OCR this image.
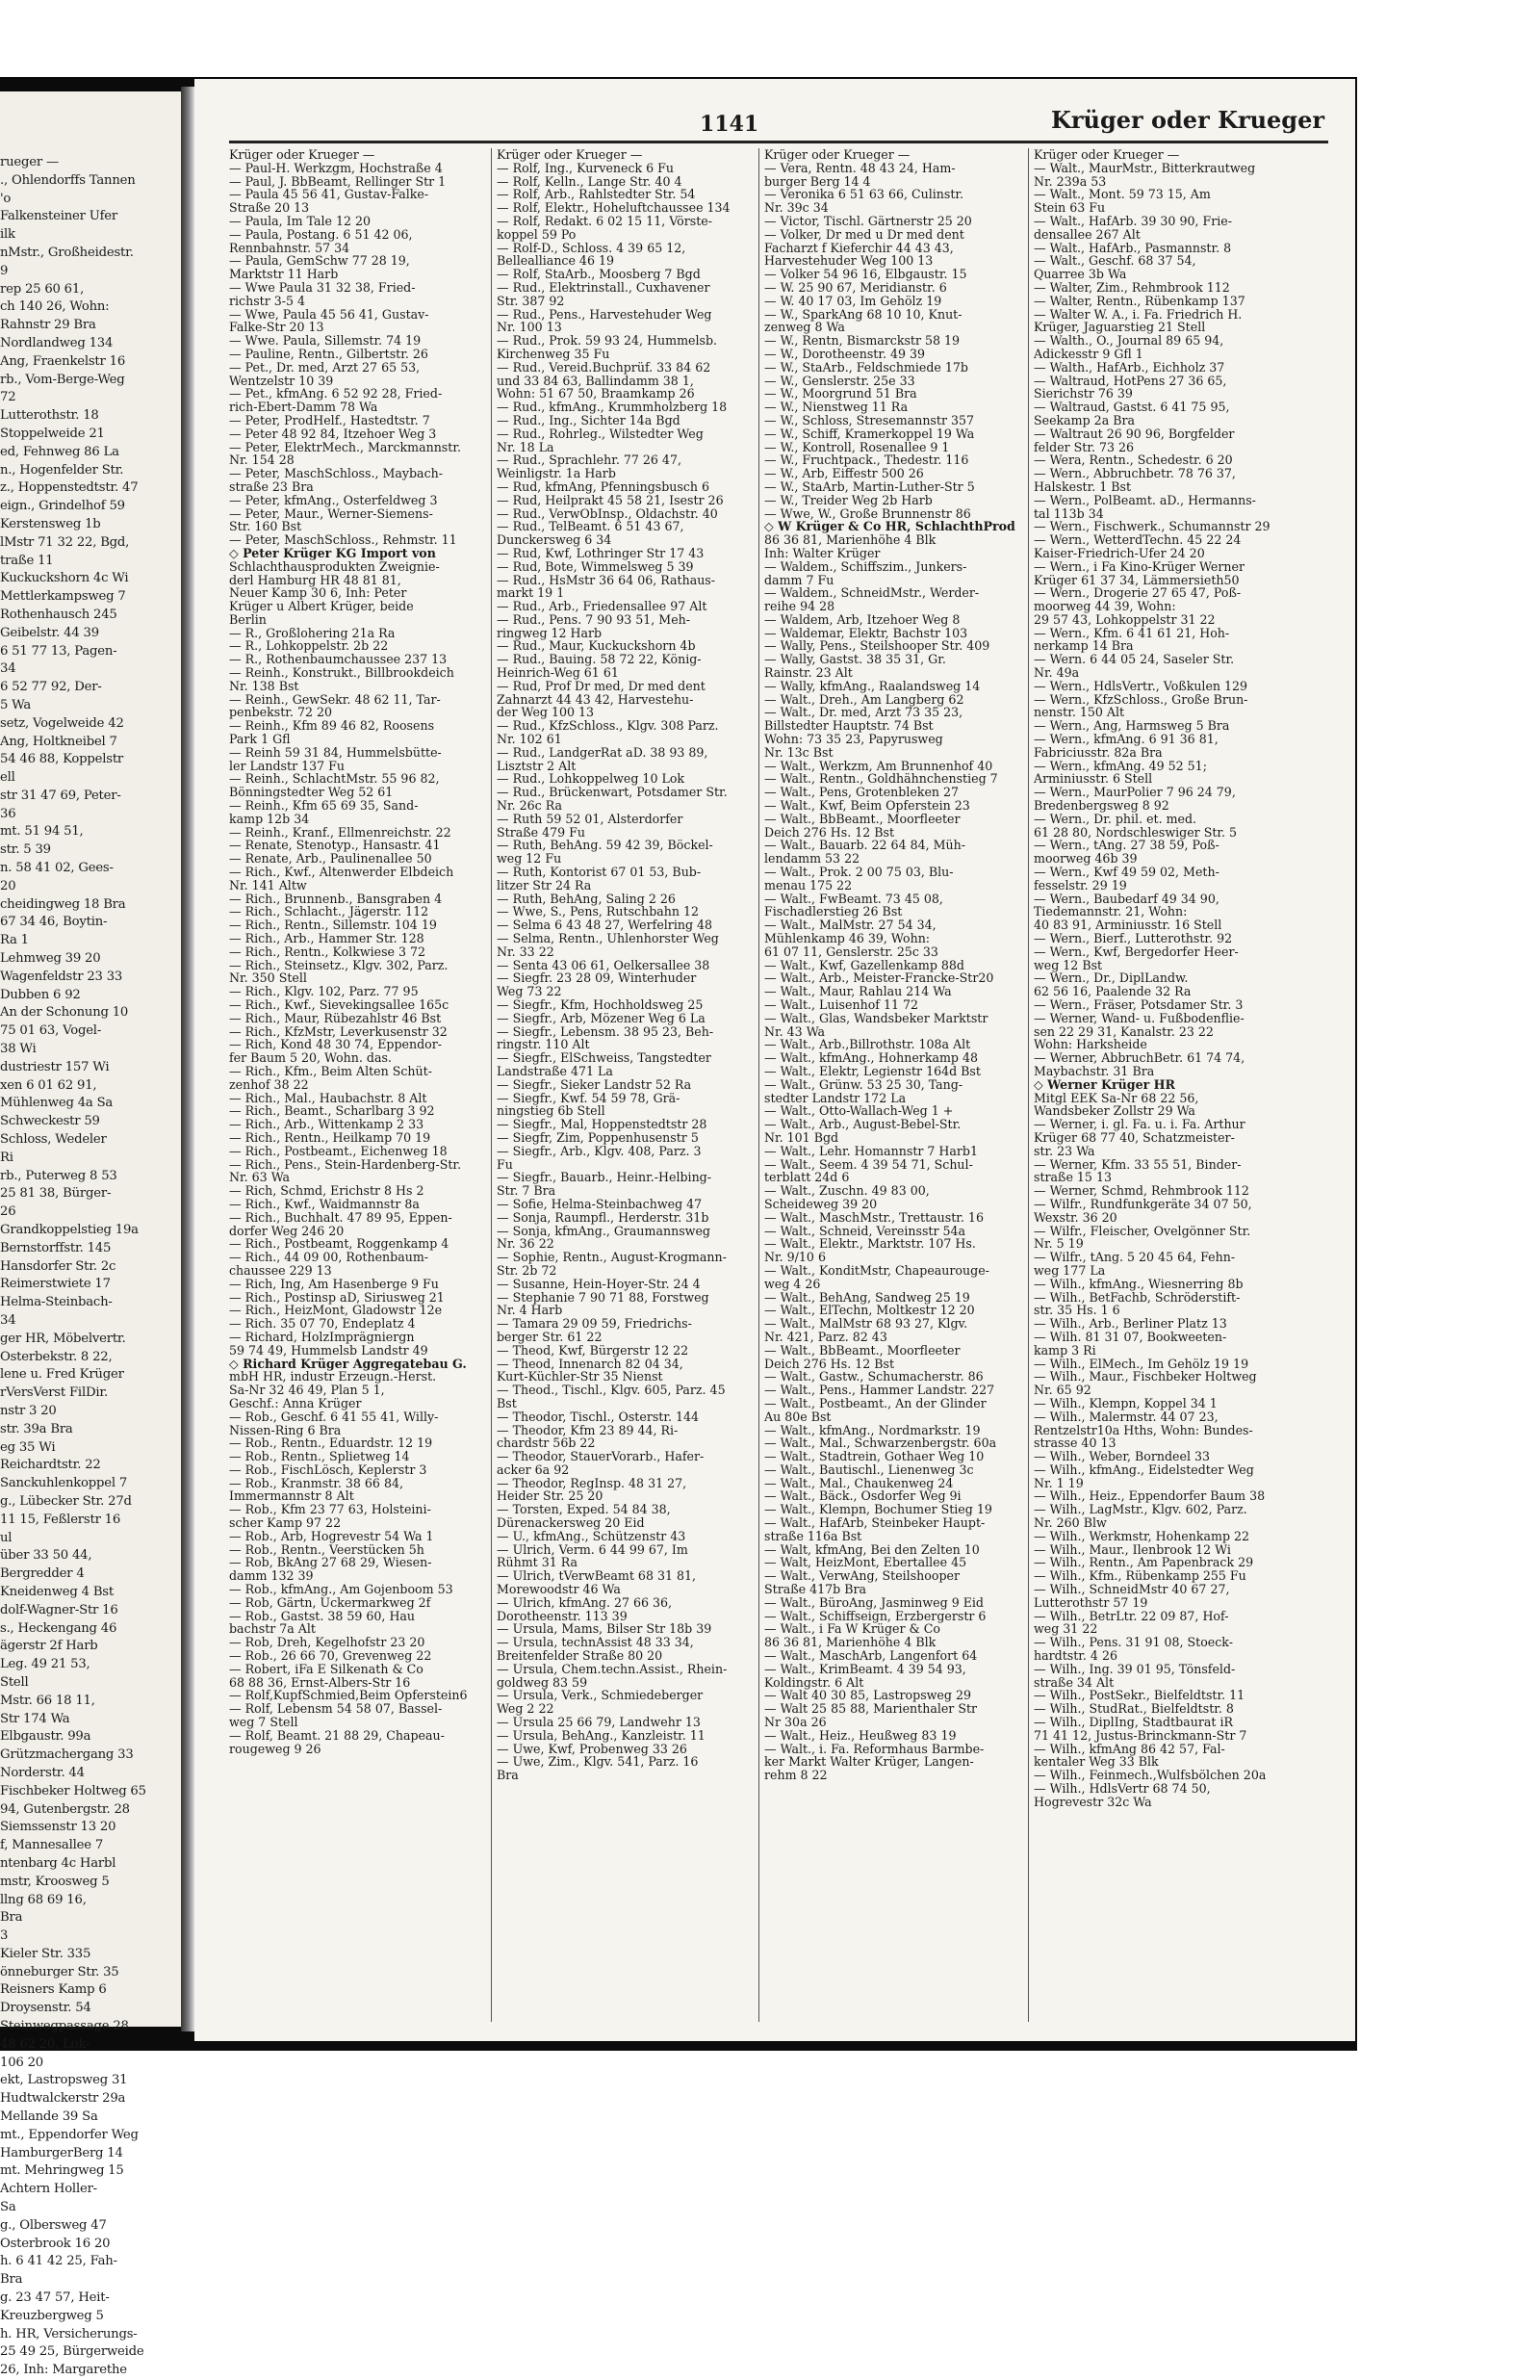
rueger —
., Ohlendorffs Tannen
'o
Falkensteiner Ufer
ilk
nMstr., Großheidestr.
9
rep 25 60 61,
ch 140 26, Wohn:
Rahnstr 29 Bra
Nordlandweg 134
Ang, Fraenkelstr 16
rb., Vom-Berge-Weg
72
Lutterothstr. 18
Stoppelweide 21
ed, Fehnweg 86 La
n., Hogenfelder Str.
z., Hoppenstedtstr. 47
eign., Grindelhof 59
Kerstensweg 1b
lMstr 71 32 22, Bgd,
traße 11
Kuckuckshorn 4c Wi
Mettlerkampsweg 7
Rothenhausch 245
Geibelstr. 44 39
6 51 77 13, Pagen-
34
6 52 77 92, Der-
5 Wa
setz, Vogelweide 42
Ang, Holtkneibel 7
54 46 88, Koppelstr
ell
str 31 47 69, Peter-
36
mt. 51 94 51,
str. 5 39
n. 58 41 02, Gees-
20
cheidingweg 18 Bra
67 34 46, Boytin-
Ra 1
Lehmweg 39 20
Wagenfeldstr 23 33
Dubben 6 92
An der Schonung 10
75 01 63, Vogel-
38 Wi
dustriestr 157 Wi
xen 6 01 62 91,
Mühlenweg 4a Sa
Schweckestr 59
Schloss, Wedeler
Ri
rb., Puterweg 8 53
25 81 38, Bürger-
26
Grandkoppelstieg 19a
Bernstorffstr. 145
Hansdorfer Str. 2c
Reimerstwiete 17
Helma-Steinbach-
34
ger HR, Möbelvertr.
Osterbekstr. 8 22,
lene u. Fred Krüger
rVersVerst FilDir.
nstr 3 20
str. 39a Bra
eg 35 Wi
Reichardtstr. 22
Sanckuhlenkoppel 7
g., Lübecker Str. 27d
11 15, Feßlerstr 16
ul
über 33 50 44,
Bergredder 4
Kneidenweg 4 Bst
dolf-Wagner-Str 16
s., Heckengang 46
ägerstr 2f Harb
Leg. 49 21 53,
Stell
Mstr. 66 18 11,
Str 174 Wa
Elbgaustr. 99a
Grützmachergang 33
Norderstr. 44
Fischbeker Holtweg 65
94, Gutenbergstr. 28
Siemssenstr 13 20
f, Mannesallee 7
ntenbarg 4c Harbl
mstr, Kroosweg 5
llng 68 69 16,
Bra
3
Kieler Str. 335
önneburger Str. 35
Reisners Kamp 6
Droysenstr. 54
Steinwegpassage 28
48 62 20, Lok-
106 20
ekt, Lastropsweg 31
Hudtwalckerstr 29a
Mellande 39 Sa
mt., Eppendorfer Weg
HamburgerBerg 14
mt. Mehringweg 15
Achtern Holler-
Sa
g., Olbersweg 47
Osterbrook 16 20
h. 6 41 42 25, Fah-
Bra
g. 23 47 57, Heit-
Kreuzbergweg 5
h. HR, Versicherungs-
25 49 25, Bürgerweide
26, Inh: Margarethe
1141	Krüger oder Krueger
Krüger oder Krueger —
— Paul-H. Werkzgm, Hochstraße 4
— Paul, J. BbBeamt, Rellinger Str 1
— Paula 45 56 41, Gustav-Falke-
Straße 20 13
— Paula, Im Tale 12 20
— Paula, Postang. 6 51 42 06,
Rennbahnstr. 57 34
— Paula, GemSchw 77 28 19,
Marktstr 11 Harb
— Wwe Paula 31 32 38, Fried-
richstr 3-5 4
— Wwe, Paula 45 56 41, Gustav-
Falke-Str 20 13
— Wwe. Paula, Sillemstr. 74 19
— Pauline, Rentn., Gilbertstr. 26
— Pet., Dr. med, Arzt 27 65 53,
Wentzelstr 10 39
— Pet., kfmAng. 6 52 92 28, Fried-
rich-Ebert-Damm 78 Wa
— Peter, ProdHelf., Hastedtstr. 7
— Peter 48 92 84, Itzehoer Weg 3
— Peter, ElektrMech., Marckmannstr.
Nr. 154 28
— Peter, MaschSchloss., Maybach-
straße 23 Bra
— Peter, kfmAng., Osterfeldweg 3
— Peter, Maur., Werner-Siemens-
Str. 160 Bst
— Peter, MaschSchloss., Rehmstr. 11
◇ Peter Krüger KG Import von
Schlachthausprodukten Zweignie-
derl Hamburg HR 48 81 81,
Neuer Kamp 30 6, Inh: Peter
Krüger u Albert Krüger, beide
Berlin
— R., Großlohering 21a Ra
— R., Lohkoppelstr. 2b 22
— R., Rothenbaumchaussee 237 13
— Reinh., Konstrukt., Billbrookdeich
Nr. 138 Bst
— Reinh., GewSekr. 48 62 11, Tar-
penbekstr. 72 20
— Reinh., Kfm 89 46 82, Roosens
Park 1 Gfl
— Reinh 59 31 84, Hummelsbütte-
ler Landstr 137 Fu
— Reinh., SchlachtMstr. 55 96 82,
Bönningstedter Weg 52 61
— Reinh., Kfm 65 69 35, Sand-
kamp 12b 34
— Reinh., Kranf., Ellmenreichstr. 22
— Renate, Stenotyp., Hansastr. 41
— Renate, Arb., Paulinenallee 50
— Rich., Kwf., Altenwerder Elbdeich
Nr. 141 Altw
— Rich., Brunnenb., Bansgraben 4
— Rich., Schlacht., Jägerstr. 112
— Rich., Rentn., Sillemstr. 104 19
— Rich., Arb., Hammer Str. 128
— Rich., Rentn., Kolkwiese 3 72
— Rich., Steinsetz., Klgv. 302, Parz.
Nr. 350 Stell
— Rich., Klgv. 102, Parz. 77 95
— Rich., Kwf., Sievekingsallee 165c
— Rich., Maur, Rübezahlstr 46 Bst
— Rich., KfzMstr, Leverkusenstr 32
— Rich, Kond 48 30 74, Eppendor-
fer Baum 5 20, Wohn. das.
— Rich., Kfm., Beim Alten Schüt-
zenhof 38 22
— Rich., Mal., Haubachstr. 8 Alt
— Rich., Beamt., Scharlbarg 3 92
— Rich., Arb., Wittenkamp 2 33
— Rich., Rentn., Heilkamp 70 19
— Rich., Postbeamt., Eichenweg 18
— Rich., Pens., Stein-Hardenberg-Str.
Nr. 63 Wa
— Rich, Schmd, Erichstr 8 Hs 2
— Rich., Kwf., Waidmannstr 8a
— Rich., Buchhalt. 47 89 95, Eppen-
dorfer Weg 246 20
— Rich., Postbeamt, Roggenkamp 4
— Rich., 44 09 00, Rothenbaum-
chaussee 229 13
— Rich, Ing, Am Hasenberge 9 Fu
— Rich., Postinsp aD, Siriusweg 21
— Rich., HeizMont, Gladowstr 12e
— Rich. 35 07 70, Endeplatz 4
— Richard, HolzImprägniergn
59 74 49, Hummelsb Landstr 49
◇ Richard Krüger Aggregatebau G.
mbH HR, industr Erzeugn.-Herst.
Sa-Nr 32 46 49, Plan 5 1,
Geschf.: Anna Krüger
— Rob., Geschf. 6 41 55 41, Willy-
Nissen-Ring 6 Bra
— Rob., Rentn., Eduardstr. 12 19
— Rob., Rentn., Splietweg 14
— Rob., FischLösch, Keplerstr 3
— Rob., Kranmstr. 38 66 84,
Immermannstr 8 Alt
— Rob., Kfm 23 77 63, Holsteini-
scher Kamp 97 22
— Rob., Arb, Hogrevestr 54 Wa 1
— Rob., Rentn., Veerstücken 5h
— Rob, BkAng 27 68 29, Wiesen-
damm 132 39
— Rob., kfmAng., Am Gojenboom 53
— Rob, Gärtn, Uckermarkweg 2f
— Rob., Gastst. 38 59 60, Hau
bachstr 7a Alt
— Rob, Dreh, Kegelhofstr 23 20
— Rob., 26 66 70, Grevenweg 22
— Robert, iFa E Silkenath & Co
68 88 36, Ernst-Albers-Str 16
— Rolf,KupfSchmied,Beim Opferstein6
— Rolf, Lebensm 54 58 07, Bassel-
weg 7 Stell
— Rolf, Beamt. 21 88 29, Chapeau-
rougeweg 9 26
Krüger oder Krueger —
— Rolf, Ing., Kurveneck 6 Fu
— Rolf, Kelln., Lange Str. 40 4
— Rolf, Arb., Rahlstedter Str. 54
— Rolf, Elektr., Hoheluftchaussee 134
— Rolf, Redakt. 6 02 15 11, Vörste-
koppel 59 Po
— Rolf-D., Schloss. 4 39 65 12,
Bellealliance 46 19
— Rolf, StaArb., Moosberg 7 Bgd
— Rud., Elektrinstall., Cuxhavener
Str. 387 92
— Rud., Pens., Harvestehuder Weg
Nr. 100 13
— Rud., Prok. 59 93 24, Hummelsb.
Kirchenweg 35 Fu
— Rud., Vereid.Buchprüf. 33 84 62
und 33 84 63, Ballindamm 38 1,
Wohn: 51 67 50, Braamkamp 26
— Rud., kfmAng., Krummholzberg 18
— Rud., Ing., Sichter 14a Bgd
— Rud., Rohrleg., Wilstedter Weg
Nr. 18 La
— Rud., Sprachlehr. 77 26 47,
Weinligstr. 1a Harb
— Rud, kfmAng, Pfenningsbusch 6
— Rud, Heilprakt 45 58 21, Isestr 26
— Rud., VerwObInsp., Oldachstr. 40
— Rud., TelBeamt. 6 51 43 67,
Dunckersweg 6 34
— Rud, Kwf, Lothringer Str 17 43
— Rud, Bote, Wimmelsweg 5 39
— Rud., HsMstr 36 64 06, Rathaus-
markt 19 1
— Rud., Arb., Friedensallee 97 Alt
— Rud., Pens. 7 90 93 51, Meh-
ringweg 12 Harb
— Rud., Maur, Kuckuckshorn 4b
— Rud., Bauing. 58 72 22, König-
Heinrich-Weg 61 61
— Rud, Prof Dr med, Dr med dent
Zahnarzt 44 43 42, Harvestehu-
der Weg 100 13
— Rud., KfzSchloss., Klgv. 308 Parz.
Nr. 102 61
— Rud., LandgerRat aD. 38 93 89,
Lisztstr 2 Alt
— Rud., Lohkoppelweg 10 Lok
— Rud., Brückenwart, Potsdamer Str.
Nr. 26c Ra
— Ruth 59 52 01, Alsterdorfer
Straße 479 Fu
— Ruth, BehAng. 59 42 39, Böckel-
weg 12 Fu
— Ruth, Kontorist 67 01 53, Bub-
litzer Str 24 Ra
— Ruth, BehAng, Saling 2 26
— Wwe, S., Pens, Rutschbahn 12
— Selma 6 43 48 27, Werfelring 48
— Selma, Rentn., Uhlenhorster Weg
Nr. 33 22
— Senta 43 06 61, Oelkersallee 38
— Siegfr. 23 28 09, Winterhuder
Weg 73 22
— Siegfr., Kfm, Hochholdsweg 25
— Siegfr., Arb, Mözener Weg 6 La
— Siegfr., Lebensm. 38 95 23, Beh-
ringstr. 110 Alt
— Siegfr., ElSchweiss, Tangstedter
Landstraße 471 La
— Siegfr., Sieker Landstr 52 Ra
— Siegfr., Kwf. 54 59 78, Grä-
ningstieg 6b Stell
— Siegfr., Mal, Hoppenstedtstr 28
— Siegfr, Zim, Poppenhusenstr 5
— Siegfr., Arb., Klgv. 408, Parz. 3
Fu
— Siegfr., Bauarb., Heinr.-Helbing-
Str. 7 Bra
— Sofie, Helma-Steinbachweg 47
— Sonja, Raumpfl., Herderstr. 31b
— Sonja, kfmAng., Graumannsweg
Nr. 36 22
— Sophie, Rentn., August-Krogmann-
Str. 2b 72
— Susanne, Hein-Hoyer-Str. 24 4
— Stephanie 7 90 71 88, Forstweg
Nr. 4 Harb
— Tamara 29 09 59, Friedrichs-
berger Str. 61 22
— Theod, Kwf, Bürgerstr 12 22
— Theod, Innenarch 82 04 34,
Kurt-Küchler-Str 35 Nienst
— Theod., Tischl., Klgv. 605, Parz. 45
Bst
— Theodor, Tischl., Osterstr. 144
— Theodor, Kfm 23 89 44, Ri-
chardstr 56b 22
— Theodor, StauerVorarb., Hafer-
acker 6a 92
— Theodor, RegInsp. 48 31 27,
Heider Str. 25 20
— Torsten, Exped. 54 84 38,
Dürenackersweg 20 Eid
— U., kfmAng., Schützenstr 43
— Ulrich, Verm. 6 44 99 67, Im
Rühmt 31 Ra
— Ulrich, tVerwBeamt 68 31 81,
Morewoodstr 46 Wa
— Ulrich, kfmAng. 27 66 36,
Dorotheenstr. 113 39
— Ursula, Mams, Bilser Str 18b 39
— Ursula, technAssist 48 33 34,
Breitenfelder Straße 80 20
— Ursula, Chem.techn.Assist., Rhein-
goldweg 83 59
— Ursula, Verk., Schmiedeberger
Weg 2 22
— Ursula 25 66 79, Landwehr 13
— Ursula, BehAng., Kanzleistr. 11
— Uwe, Kwf, Probenweg 33 26
— Uwe, Zim., Klgv. 541, Parz. 16
Bra
Krüger oder Krueger —
— Vera, Rentn. 48 43 24, Ham-
burger Berg 14 4
— Veronika 6 51 63 66, Culinstr.
Nr. 39c 34
— Victor, Tischl. Gärtnerstr 25 20
— Volker, Dr med u Dr med dent
Facharzt f Kieferchir 44 43 43,
Harvestehuder Weg 100 13
— Volker 54 96 16, Elbgaustr. 15
— W. 25 90 67, Meridianstr. 6
— W. 40 17 03, Im Gehölz 19
— W., SparkAng 68 10 10, Knut-
zenweg 8 Wa
— W., Rentn, Bismarckstr 58 19
— W., Dorotheenstr. 49 39
— W., StaArb., Feldschmiede 17b
— W., Genslerstr. 25e 33
— W., Moorgrund 51 Bra
— W., Nienstweg 11 Ra
— W., Schloss, Stresemannstr 357
— W., Schiff, Kramerkoppel 19 Wa
— W., Kontroll, Rosenallee 9 1
— W., Fruchtpack., Thedestr. 116
— W., Arb, Eiffestr 500 26
— W., StaArb, Martin-Luther-Str 5
— W., Treider Weg 2b Harb
— Wwe, W., Große Brunnenstr 86
◇ W Krüger & Co HR, SchlachthProd
86 36 81, Marienhöhe 4 Blk
Inh: Walter Krüger
— Waldem., Schiffszim., Junkers-
damm 7 Fu
— Waldem., SchneidMstr., Werder-
reihe 94 28
— Waldem, Arb, Itzehoer Weg 8
— Waldemar, Elektr, Bachstr 103
— Wally, Pens., Steilshooper Str. 409
— Wally, Gastst. 38 35 31, Gr.
Rainstr. 23 Alt
— Wally, kfmAng., Raalandsweg 14
— Walt., Dreh., Am Langberg 62
— Walt., Dr. med, Arzt 73 35 23,
Billstedter Hauptstr. 74 Bst
Wohn: 73 35 23, Papyrusweg
Nr. 13c Bst
— Walt., Werkzm, Am Brunnenhof 40
— Walt., Rentn., Goldhähnchenstieg 7
— Walt., Pens, Grotenbleken 27
— Walt., Kwf, Beim Opferstein 23
— Walt., BbBeamt., Moorfleeter
Deich 276 Hs. 12 Bst
— Walt., Bauarb. 22 64 84, Müh-
lendamm 53 22
— Walt., Prok. 2 00 75 03, Blu-
menau 175 22
— Walt., FwBeamt. 73 45 08,
Fischadlerstieg 26 Bst
— Walt., MalMstr. 27 54 34,
Mühlenkamp 46 39, Wohn:
61 07 11, Genslerstr. 25c 33
— Walt., Kwf, Gazellenkamp 88d
— Walt., Arb., Meister-Francke-Str20
— Walt., Maur, Rahlau 214 Wa
— Walt., Luisenhof 11 72
— Walt., Glas, Wandsbeker Marktstr
Nr. 43 Wa
— Walt., Arb.,Billrothstr. 108a Alt
— Walt., kfmAng., Hohnerkamp 48
— Walt., Elektr, Legienstr 164d Bst
— Walt., Grünw. 53 25 30, Tang-
stedter Landstr 172 La
— Walt., Otto-Wallach-Weg 1 +
— Walt., Arb., August-Bebel-Str.
Nr. 101 Bgd
— Walt., Lehr. Homannstr 7 Harb1
— Walt., Seem. 4 39 54 71, Schul-
terblatt 24d 6
— Walt., Zuschn. 49 83 00,
Scheideweg 39 20
— Walt., MaschMstr., Trettaustr. 16
— Walt., Schneid, Vereinsstr 54a
— Walt., Elektr., Marktstr. 107 Hs.
Nr. 9/10 6
— Walt., KonditMstr, Chapeaurouge-
weg 4 26
— Walt., BehAng, Sandweg 25 19
— Walt., ElTechn, Moltkestr 12 20
— Walt., MalMstr 68 93 27, Klgv.
Nr. 421, Parz. 82 43
— Walt., BbBeamt., Moorfleeter
Deich 276 Hs. 12 Bst
— Walt., Gastw., Schumacherstr. 86
— Walt., Pens., Hammer Landstr. 227
— Walt., Postbeamt., An der Glinder
Au 80e Bst
— Walt., kfmAng., Nordmarkstr. 19
— Walt., Mal., Schwarzenbergstr. 60a
— Walt., Stadtrein, Gothaer Weg 10
— Walt., Bautischl., Lienenweg 3c
— Walt., Mal., Chaukenweg 24
— Walt., Bäck., Osdorfer Weg 9i
— Walt., Klempn, Bochumer Stieg 19
— Walt., HafArb, Steinbeker Haupt-
straße 116a Bst
— Walt, kfmAng, Bei den Zelten 10
— Walt, HeizMont, Ebertallee 45
— Walt., VerwAng, Steilshooper
Straße 417b Bra
— Walt., BüroAng, Jasminweg 9 Eid
— Walt., Schiffseign, Erzbergerstr 6
— Walt., i Fa W Krüger & Co
86 36 81, Marienhöhe 4 Blk
— Walt., MaschArb, Langenfort 64
— Walt., KrimBeamt. 4 39 54 93,
Koldingstr. 6 Alt
— Walt 40 30 85, Lastropsweg 29
— Walt 25 85 88, Marienthaler Str
Nr 30a 26
— Walt., Heiz., Heußweg 83 19
— Walt., i. Fa. Reformhaus Barmbe-
ker Markt Walter Krüger, Langen-
rehm 8 22
Krüger oder Krueger —
— Walt., MaurMstr., Bitterkrautweg
Nr. 239a 53
— Walt., Mont. 59 73 15, Am
Stein 63 Fu
— Walt., HafArb. 39 30 90, Frie-
densallee 267 Alt
— Walt., HafArb., Pasmannstr. 8
— Walt., Geschf. 68 37 54,
Quarree 3b Wa
— Walter, Zim., Rehmbrook 112
— Walter, Rentn., Rübenkamp 137
— Walter W. A., i. Fa. Friedrich H.
Krüger, Jaguarstieg 21 Stell
— Walth., O., Journal 89 65 94,
Adickesstr 9 Gfl 1
— Walth., HafArb., Eichholz 37
— Waltraud, HotPens 27 36 65,
Sierichstr 76 39
— Waltraud, Gastst. 6 41 75 95,
Seekamp 2a Bra
— Waltraut 26 90 96, Borgfelder
felder Str. 73 26
— Wera, Rentn., Schedestr. 6 20
— Wern., Abbruchbetr. 78 76 37,
Halskestr. 1 Bst
— Wern., PolBeamt. aD., Hermanns-
tal 113b 34
— Wern., Fischwerk., Schumannstr 29
— Wern., WetterdTechn. 45 22 24
Kaiser-Friedrich-Ufer 24 20
— Wern., i Fa Kino-Krüger Werner
Krüger 61 37 34, Lämmersieth50
— Wern., Drogerie 27 65 47, Poß-
moorweg 44 39, Wohn:
29 57 43, Lohkoppelstr 31 22
— Wern., Kfm. 6 41 61 21, Hoh-
nerkamp 14 Bra
— Wern. 6 44 05 24, Saseler Str.
Nr. 49a
— Wern., HdlsVertr., Voßkulen 129
— Wern., KfzSchloss., Große Brun-
nenstr. 150 Alt
— Wern., Ang, Harmsweg 5 Bra
— Wern., kfmAng. 6 91 36 81,
Fabriciusstr. 82a Bra
— Wern., kfmAng. 49 52 51;
Arminiusstr. 6 Stell
— Wern., MaurPolier 7 96 24 79,
Bredenbergsweg 8 92
— Wern., Dr. phil. et. med.
61 28 80, Nordschleswiger Str. 5
— Wern., tAng. 27 38 59, Poß-
moorweg 46b 39
— Wern., Kwf 49 59 02, Meth-
fesselstr. 29 19
— Wern., Baubedarf 49 34 90,
Tiedemannstr. 21, Wohn:
40 83 91, Arminiusstr. 16 Stell
— Wern., Bierf., Lutterothstr. 92
— Wern., Kwf, Bergedorfer Heer-
weg 12 Bst
— Wern., Dr., DiplLandw.
62 56 16, Paalende 32 Ra
— Wern., Fräser, Potsdamer Str. 3
— Werner, Wand- u. Fußbodenflie-
sen 22 29 31, Kanalstr. 23 22
Wohn: Harksheide
— Werner, AbbruchBetr. 61 74 74,
Maybachstr. 31 Bra
◇ Werner Krüger HR
Mitgl EEK Sa-Nr 68 22 56,
Wandsbeker Zollstr 29 Wa
— Werner, i. gl. Fa. u. i. Fa. Arthur
Krüger 68 77 40, Schatzmeister-
str. 23 Wa
— Werner, Kfm. 33 55 51, Binder-
straße 15 13
— Werner, Schmd, Rehmbrook 112
— Wilfr., Rundfunkgeräte 34 07 50,
Wexstr. 36 20
— Wilfr., Fleischer, Ovelgönner Str.
Nr. 5 19
— Wilfr., tAng. 5 20 45 64, Fehn-
weg 177 La
— Wilh., kfmAng., Wiesnerring 8b
— Wilh., BetFachb, Schröderstift-
str. 35 Hs. 1 6
— Wilh., Arb., Berliner Platz 13
— Wilh. 81 31 07, Bookweeten-
kamp 3 Ri
— Wilh., ElMech., Im Gehölz 19 19
— Wilh., Maur., Fischbeker Holtweg
Nr. 65 92
— Wilh., Klempn, Koppel 34 1
— Wilh., Malermstr. 44 07 23,
Rentzelstr10a Hths, Wohn: Bundes-
strasse 40 13
— Wilh., Weber, Borndeel 33
— Wilh., kfmAng., Eidelstedter Weg
Nr. 1 19
— Wilh., Heiz., Eppendorfer Baum 38
— Wilh., LagMstr., Klgv. 602, Parz.
Nr. 260 Blw
— Wilh., Werkmstr, Hohenkamp 22
— Wilh., Maur., Ilenbrook 12 Wi
— Wilh., Rentn., Am Papenbrack 29
— Wilh., Kfm., Rübenkamp 255 Fu
— Wilh., SchneidMstr 40 67 27,
Lutterothstr 57 19
— Wilh., BetrLtr. 22 09 87, Hof-
weg 31 22
— Wilh., Pens. 31 91 08, Stoeck-
hardtstr. 4 26
— Wilh., Ing. 39 01 95, Tönsfeld-
straße 34 Alt
— Wilh., PostSekr., Bielfeldtstr. 11
— Wilh., StudRat., Bielfeldtstr. 8
— Wilh., DiplIng, Stadtbaurat iR
71 41 12, Justus-Brinckmann-Str 7
— Wilh., kfmAng 86 42 57, Fal-
kentaler Weg 33 Blk
— Wilh., Feinmech.,Wulfsbölchen 20a
— Wilh., HdlsVertr 68 74 50,
Hogrevestr 32c Wa
